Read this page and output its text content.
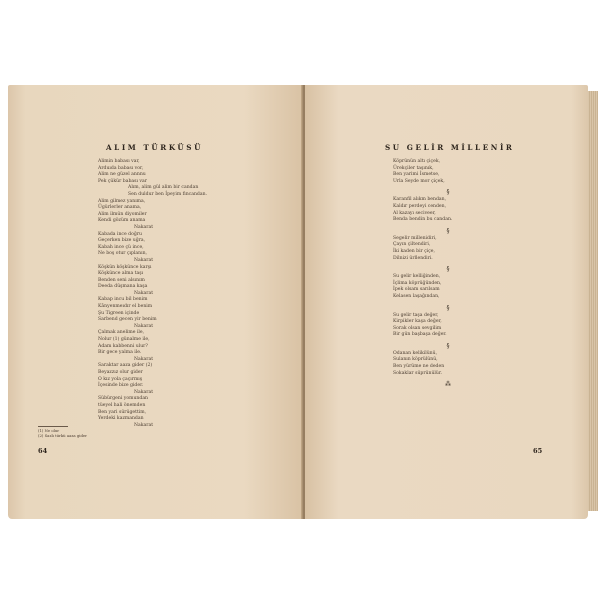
ALIM TÜRKÜSÜ
Alimin babası var,
Arduıda babası vor,
Alim ne güzel annnu
Pek çükür babası var
Alım, alim gül alim bir candan
Sen duldur ben İpeyim fincandan.
Alim gilmez yanıma,
Ügürlerler anama,
Alim ilmün diyomiler
Kendi gözüm anama
Nakarat
Kabada ince doğru
Geçerken bize uğra,
Kabah ince çü ince,
Ne boş otur çıplanın,
Nakarat
Köşkün köşkünce karşı
Köşkünce alma taşı
Benden seni alsınım
Deeda düşmana kaşa
Nakarat
Kabap incu bil benim
Kânyenmeıdır el benim
Şu Tigreen içinde
Sarbend gecen yir benim
Nakarat
Çalmak anelime ile,
Nolur (1) günalme ile,
Adam kabbenni ulur?
Bir gece yalma ile.
Nakarat
Saraktar aaza gider (2)
Beyazzız olur gider
O kız yola çaçırmış
İçesinde bize gider.
Nakarat
Sübürgeni yomundan
tüeyel hali önemden
Ben yari sürügettim,
Yerdeki kazmandan
Nakarat
(1) Ne olur
(2) Sazlı türkü aaza gider
64
SU GELİR MİLLENİR
Köprünün altı çiçek,
Ürekçiler taşınık,
Ben yarimi İsmetse,
Urla Seyde mor çiçek,
§
Karanfil alıkm bendan,
Kaldır perdeyi cenden,
Al kazayı seciveer,
Benda bendin bu candan.
§
Segelir millenidiri,
Çayın çiltendiri,
İki kaden bir çiçe,
Dilnizi ürllendiri.
§
Su gelir kelliğinden,
İçlima köprüğünden,
İpek olsam sarılsam
Kelasen laşağından,
§
Su gelir taşa değer,
Kirpikler kaşa değer,
Sorak olsan sevgilim
Bir gün başbaşa değer.
§
Odanan kelikilünü,
Sulanın köprülünü,
Ben yürüme ne deden
Sokaklar süprünülür.
⁂
65
